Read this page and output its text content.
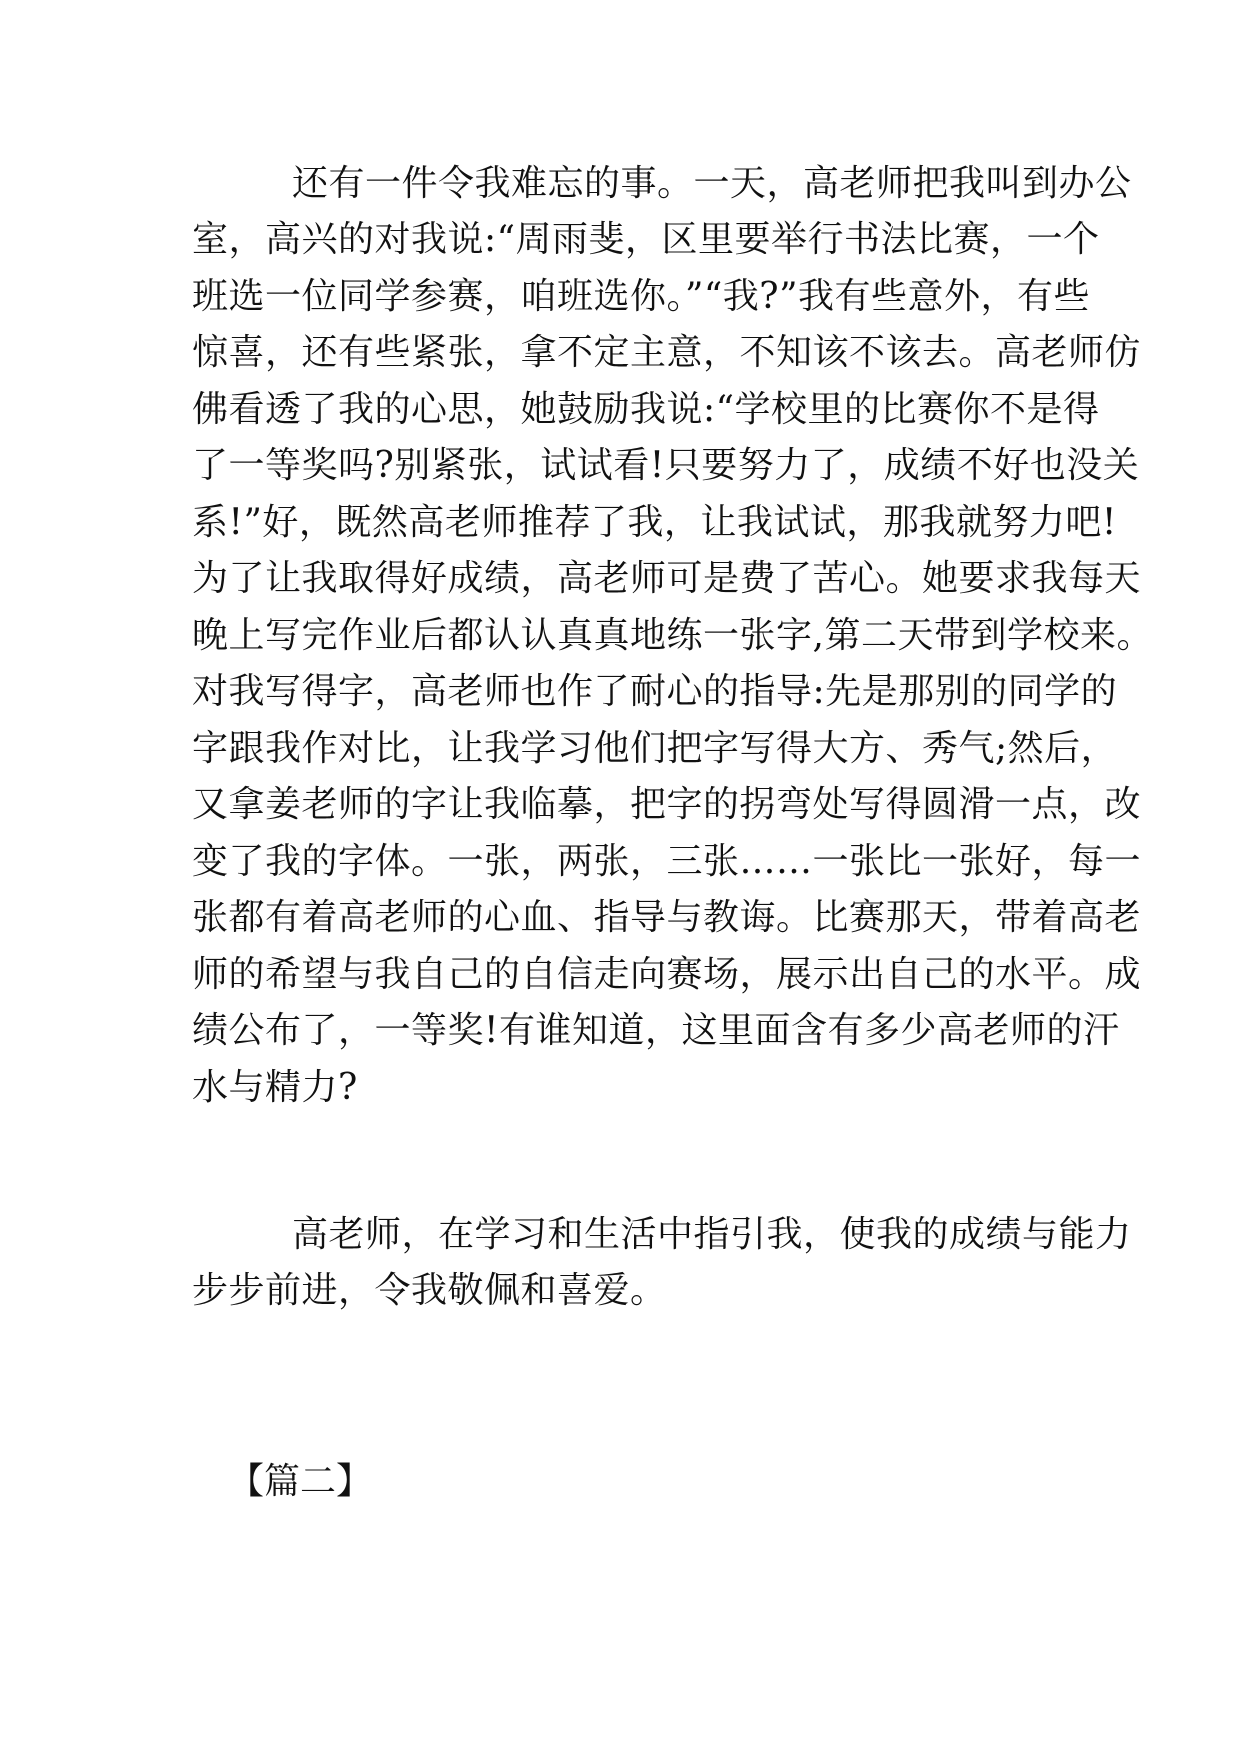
还有一件令我难忘的事。一天，高老师把我叫到办公
室，高兴的对我说:“周雨斐，区里要举行书法比赛，一个
班选一位同学参赛，咱班选你。”“我?”我有些意外，有些
惊喜，还有些紧张，拿不定主意，不知该不该去。高老师仿
佛看透了我的心思，她鼓励我说:“学校里的比赛你不是得
了一等奖吗?别紧张，试试看!只要努力了，成绩不好也没关
系!”好，既然高老师推荐了我，让我试试，那我就努力吧!
为了让我取得好成绩，高老师可是费了苦心。她要求我每天
晚上写完作业后都认认真真地练一张字,第二天带到学校来。
对我写得字，高老师也作了耐心的指导:先是那别的同学的
字跟我作对比，让我学习他们把字写得大方、秀气;然后，
又拿姜老师的字让我临摹，把字的拐弯处写得圆滑一点，改
变了我的字体。一张，两张，三张……一张比一张好，每一
张都有着高老师的心血、指导与教诲。比赛那天，带着高老
师的希望与我自己的自信走向赛场，展示出自己的水平。成
绩公布了，一等奖!有谁知道，这里面含有多少高老师的汗
水与精力?
高老师，在学习和生活中指引我，使我的成绩与能力
步步前进，令我敬佩和喜爱。
【篇二】
